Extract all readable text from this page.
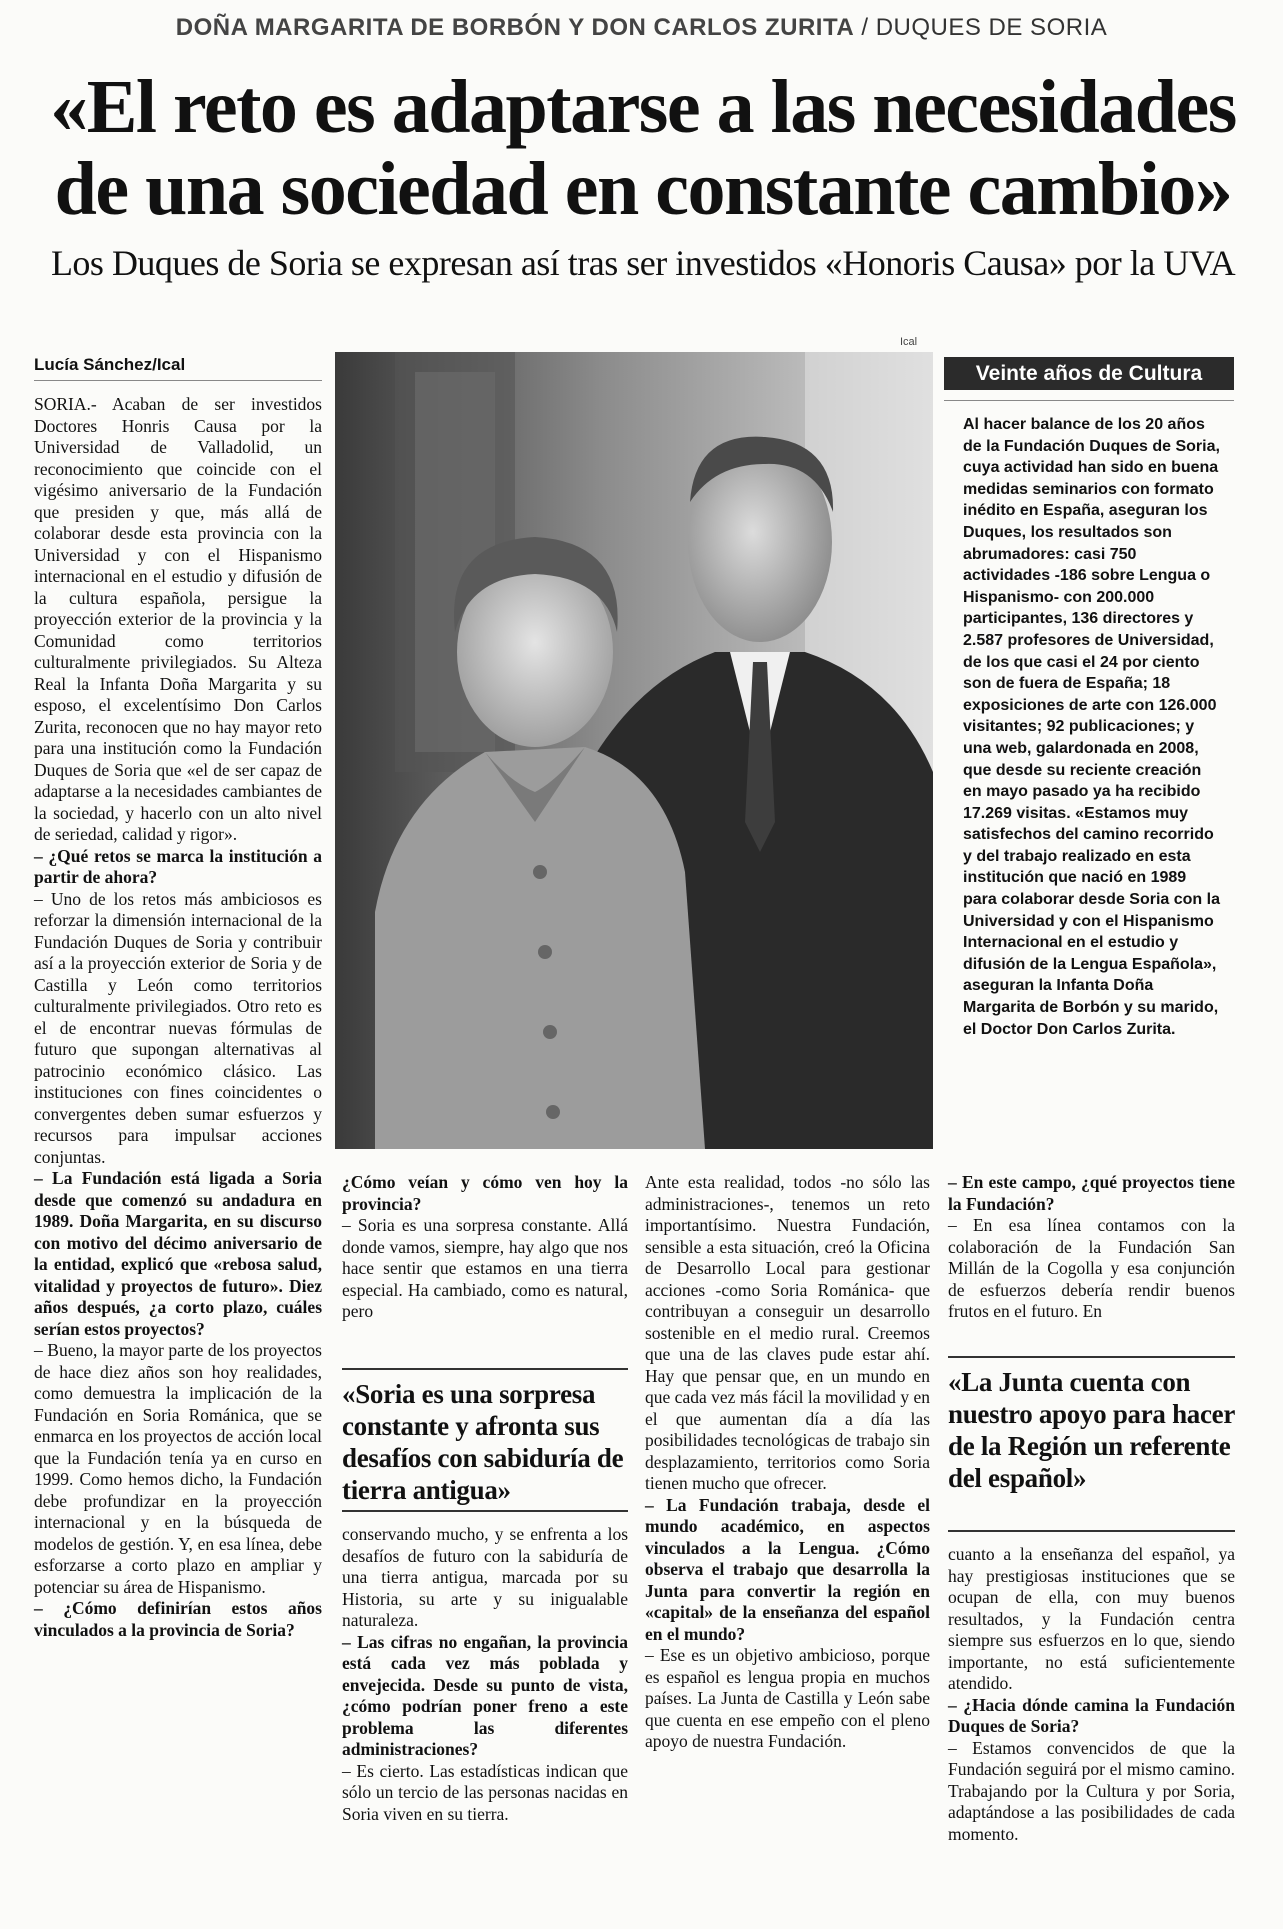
DOÑA MARGARITA DE BORBÓN Y DON CARLOS ZURITA / DUQUES DE SORIA
«El reto es adaptarse a las necesidades
de una sociedad en constante cambio»
Los Duques de Soria se expresan así tras ser investidos «Honoris Causa» por la UVA
Lucía Sánchez/Ical

SORIA.- Acaban de ser investidos Doctores Honris Causa por la Universidad de Valladolid, un reconocimiento que coincide con el vigésimo aniversario de la Fundación que presiden y que, más allá de colaborar desde esta provincia con la Universidad y con el Hispanismo internacional en el estudio y difusión de la cultura española, persigue la proyección exterior de la provincia y la Comunidad como territorios culturalmente privilegiados. Su Alteza Real la Infanta Doña Margarita y su esposo, el excelentísimo Don Carlos Zurita, reconocen que no hay mayor reto para una institución como la Fundación Duques de Soria que «el de ser capaz de adaptarse a la necesidades cambiantes de la sociedad, y hacerlo con un alto nivel de seriedad, calidad y rigor».

– ¿Qué retos se marca la institución a partir de ahora?

– Uno de los retos más ambiciosos es reforzar la dimensión internacional de la Fundación Duques de Soria y contribuir así a la proyección exterior de Soria y de Castilla y León como territorios culturalmente privilegiados. Otro reto es el de encontrar nuevas fórmulas de futuro que supongan alternativas al patrocinio económico clásico. Las instituciones con fines coincidentes o convergentes deben sumar esfuerzos y recursos para impulsar acciones conjuntas.

– La Fundación está ligada a Soria desde que comenzó su andadura en 1989. Doña Margarita, en su discurso con motivo del décimo aniversario de la entidad, explicó que «rebosa salud, vitalidad y proyectos de futuro». Diez años después, ¿a corto plazo, cuáles serían estos proyectos?

– Bueno, la mayor parte de los proyectos de hace diez años son hoy realidades, como demuestra la implicación de la Fundación en Soria Románica, que se enmarca en los proyectos de acción local que la Fundación tenía ya en curso en 1999. Como hemos dicho, la Fundación debe profundizar en la proyección internacional y en la búsqueda de modelos de gestión. Y, en esa línea, debe esforzarse a corto plazo en ampliar y potenciar su área de Hispanismo.

– ¿Cómo definirían estos años vinculados a la provincia de Soria?

Ical
Veinte años de Cultura
Al hacer balance de los 20 años de la Fundación Duques de Soria, cuya actividad han sido en buena medidas seminarios con formato inédito en España, aseguran los Duques, los resultados son abrumadores: casi 750 actividades -186 sobre Lengua o Hispanismo- con 200.000 participantes, 136 directores y 2.587 profesores de Universidad, de los que casi el 24 por ciento son de fuera de España; 18 exposiciones de arte con 126.000 visitantes; 92 publicaciones; y una web, galardonada en 2008, que desde su reciente creación en mayo pasado ya ha recibido 17.269 visitas. «Estamos muy satisfechos del camino recorrido y del trabajo realizado en esta institución que nació en 1989 para colaborar desde Soria con la Universidad y con el Hispanismo Internacional en el estudio y difusión de la Lengua Española», aseguran la Infanta Doña Margarita de Borbón y su marido, el Doctor Don Carlos Zurita.

¿Cómo veían y cómo ven hoy la provincia?

– Soria es una sorpresa constante. Allá donde vamos, siempre, hay algo que nos hace sentir que estamos en una tierra especial. Ha cambiado, como es natural, pero

«Soria es una sorpresa constante y afronta sus desafíos con sabiduría de tierra antigua»

conservando mucho, y se enfrenta a los desafíos de futuro con la sabiduría de una tierra antigua, marcada por su Historia, su arte y su inigualable naturaleza.

– Las cifras no engañan, la provincia está cada vez más poblada y envejecida. Desde su punto de vista, ¿cómo podrían poner freno a este problema las diferentes administraciones?

– Es cierto. Las estadísticas indican que sólo un tercio de las personas nacidas en Soria viven en su tierra.

Ante esta realidad, todos -no sólo las administraciones-, tenemos un reto importantísimo. Nuestra Fundación, sensible a esta situación, creó la Oficina de Desarrollo Local para gestionar acciones -como Soria Románica- que contribuyan a conseguir un desarrollo sostenible en el medio rural. Creemos que una de las claves pude estar ahí. Hay que pensar que, en un mundo en que cada vez más fácil la movilidad y en el que aumentan día a día las posibilidades tecnológicas de trabajo sin desplazamiento, territorios como Soria tienen mucho que ofrecer.

– La Fundación trabaja, desde el mundo académico, en aspectos vinculados a la Lengua. ¿Cómo observa el trabajo que desarrolla la Junta para convertir la región en «capital» de la enseñanza del español en el mundo?

– Ese es un objetivo ambicioso, porque es español es lengua propia en muchos países. La Junta de Castilla y León sabe que cuenta en ese empeño con el pleno apoyo de nuestra Fundación.

– En este campo, ¿qué proyectos tiene la Fundación?

– En esa línea contamos con la colaboración de la Fundación San Millán de la Cogolla y esa conjunción de esfuerzos debería rendir buenos frutos en el futuro. En

«La Junta cuenta con nuestro apoyo para hacer de la Región un referente del español»

cuanto a la enseñanza del español, ya hay prestigiosas instituciones que se ocupan de ella, con muy buenos resultados, y la Fundación centra siempre sus esfuerzos en lo que, siendo importante, no está suficientemente atendido.

– ¿Hacia dónde camina la Fundación Duques de Soria?

– Estamos convencidos de que la Fundación seguirá por el mismo camino. Trabajando por la Cultura y por Soria, adaptándose a las posibilidades de cada momento.
